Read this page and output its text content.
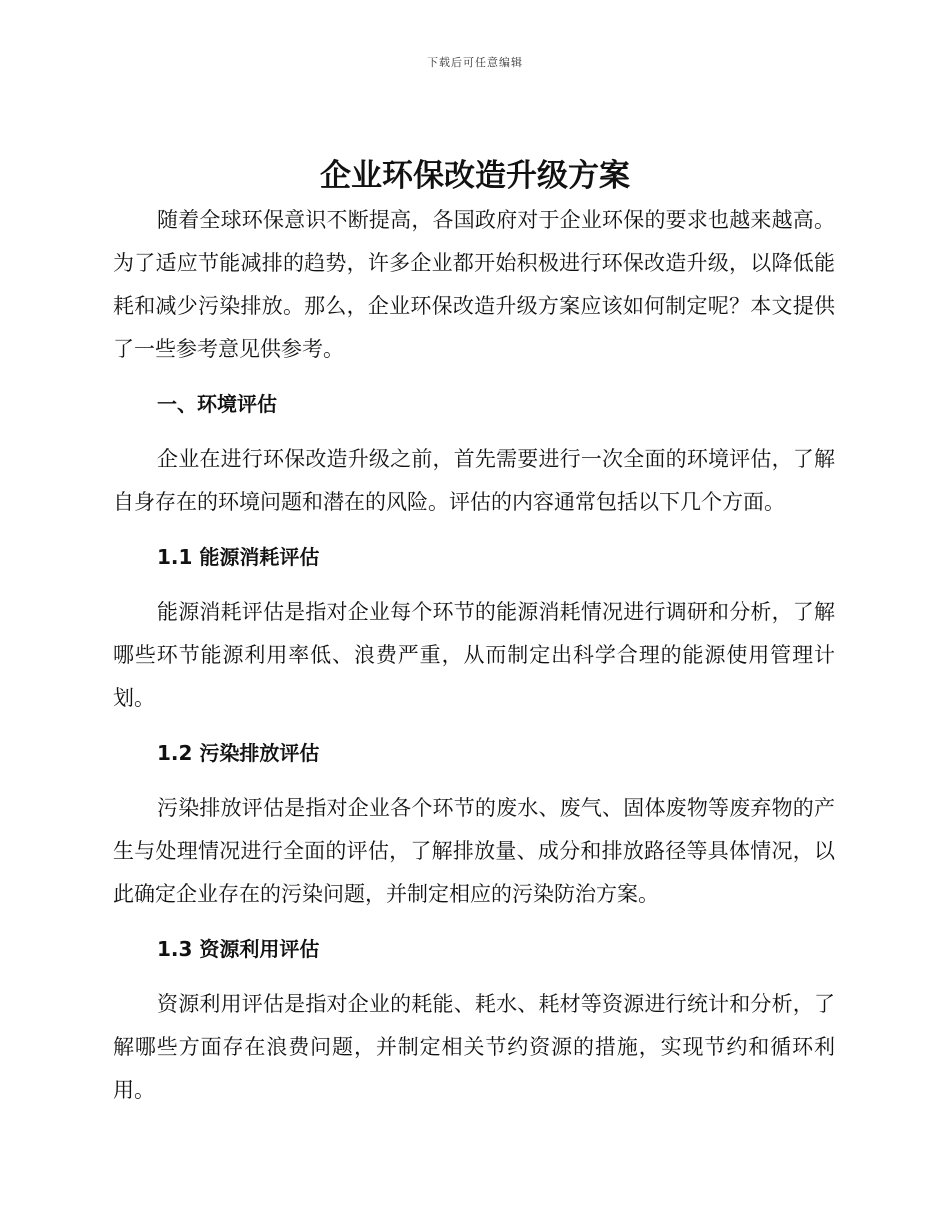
下载后可任意编辑
企业环保改造升级方案

随着全球环保意识不断提高，各国政府对于企业环保的要求也越来越高。为了适应节能减排的趋势，许多企业都开始积极进行环保改造升级，以降低能耗和减少污染排放。那么，企业环保改造升级方案应该如何制定呢？本文提供了一些参考意见供参考。

一、环境评估

企业在进行环保改造升级之前，首先需要进行一次全面的环境评估，了解自身存在的环境问题和潜在的风险。评估的内容通常包括以下几个方面。

1.1 能源消耗评估

能源消耗评估是指对企业每个环节的能源消耗情况进行调研和分析，了解哪些环节能源利用率低、浪费严重，从而制定出科学合理的能源使用管理计划。

1.2 污染排放评估

污染排放评估是指对企业各个环节的废水、废气、固体废物等废弃物的产生与处理情况进行全面的评估，了解排放量、成分和排放路径等具体情况，以此确定企业存在的污染问题，并制定相应的污染防治方案。

1.3 资源利用评估

资源利用评估是指对企业的耗能、耗水、耗材等资源进行统计和分析，了解哪些方面存在浪费问题，并制定相关节约资源的措施，实现节约和循环利用。
